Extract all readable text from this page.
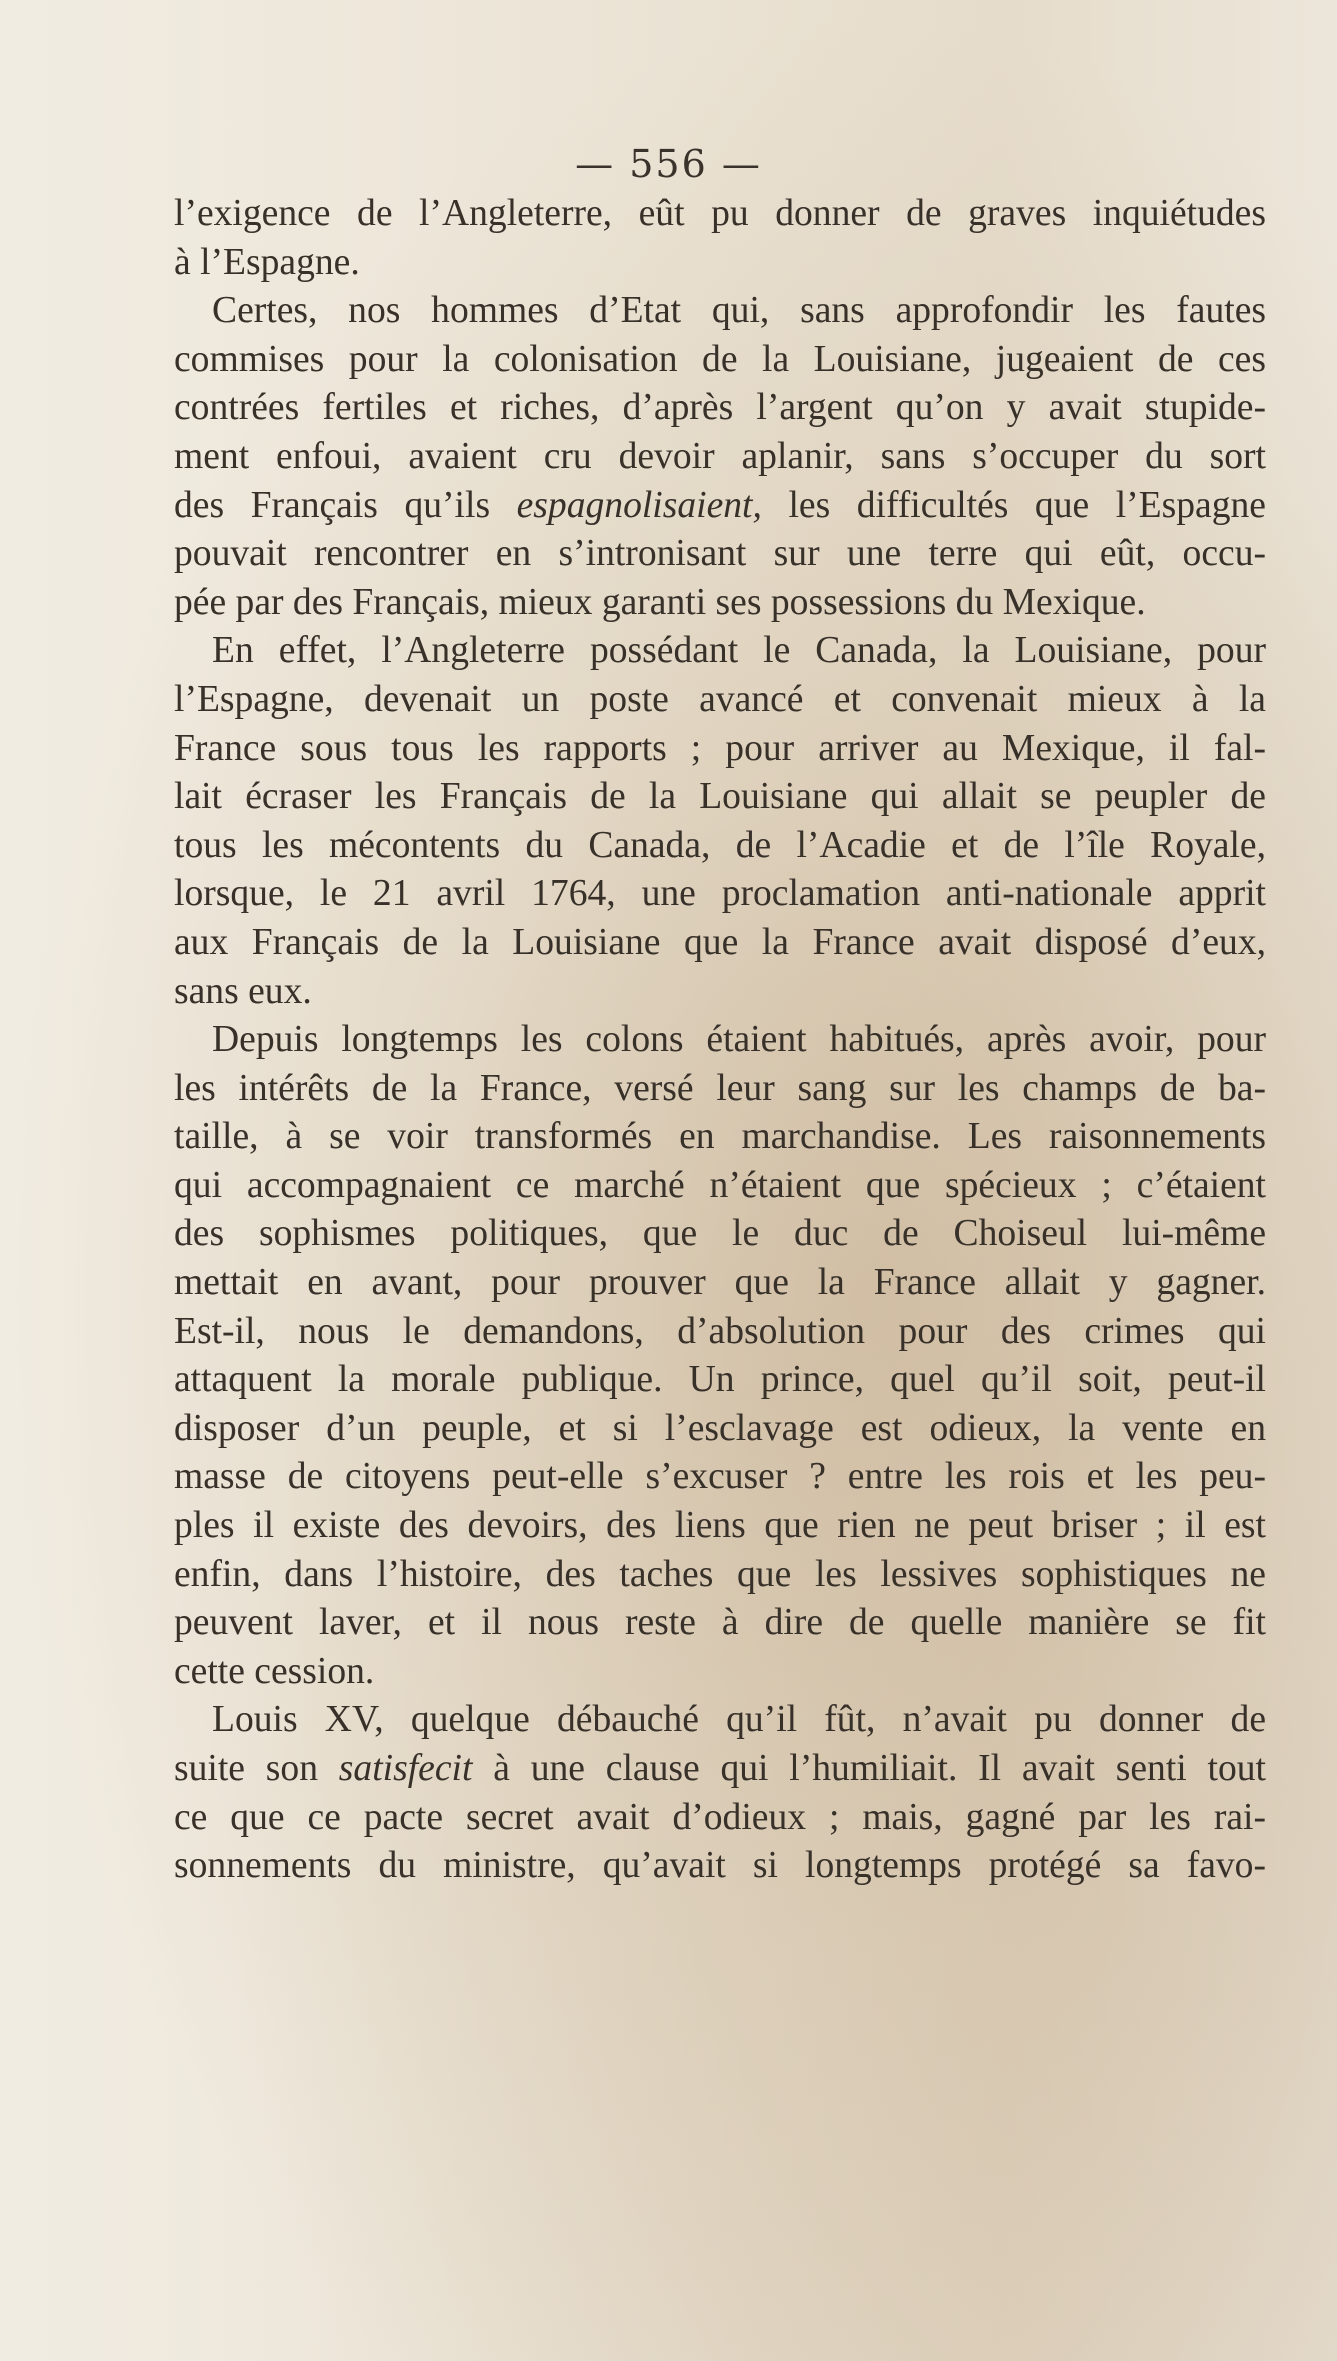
— 556 —
l’exigence de l’Angleterre, eût pu donner de graves inquiétudes
à l’Espagne.
Certes, nos hommes d’Etat qui, sans approfondir les fautes
commises pour la colonisation de la Louisiane, jugeaient de ces
contrées fertiles et riches, d’après l’argent qu’on y avait stupide-
ment enfoui, avaient cru devoir aplanir, sans s’occuper du sort
des Français qu’ils espagnolisaient, les difficultés que l’Espagne
pouvait rencontrer en s’intronisant sur une terre qui eût, occu-
pée par des Français, mieux garanti ses possessions du Mexique.
En effet, l’Angleterre possédant le Canada, la Louisiane, pour
l’Espagne, devenait un poste avancé et convenait mieux à la
France sous tous les rapports ; pour arriver au Mexique, il fal-
lait écraser les Français de la Louisiane qui allait se peupler de
tous les mécontents du Canada, de l’Acadie et de l’île Royale,
lorsque, le 21 avril 1764, une proclamation anti-nationale apprit
aux Français de la Louisiane que la France avait disposé d’eux,
sans eux.
Depuis longtemps les colons étaient habitués, après avoir, pour
les intérêts de la France, versé leur sang sur les champs de ba-
taille, à se voir transformés en marchandise. Les raisonnements
qui accompagnaient ce marché n’étaient que spécieux ; c’étaient
des sophismes politiques, que le duc de Choiseul lui-même
mettait en avant, pour prouver que la France allait y gagner.
Est-il, nous le demandons, d’absolution pour des crimes qui
attaquent la morale publique. Un prince, quel qu’il soit, peut-il
disposer d’un peuple, et si l’esclavage est odieux, la vente en
masse de citoyens peut-elle s’excuser ? entre les rois et les peu-
ples il existe des devoirs, des liens que rien ne peut briser ; il est
enfin, dans l’histoire, des taches que les lessives sophistiques ne
peuvent laver, et il nous reste à dire de quelle manière se fit
cette cession.
Louis XV, quelque débauché qu’il fût, n’avait pu donner de
suite son satisfecit à une clause qui l’humiliait. Il avait senti tout
ce que ce pacte secret avait d’odieux ; mais, gagné par les rai-
sonnements du ministre, qu’avait si longtemps protégé sa favo-
